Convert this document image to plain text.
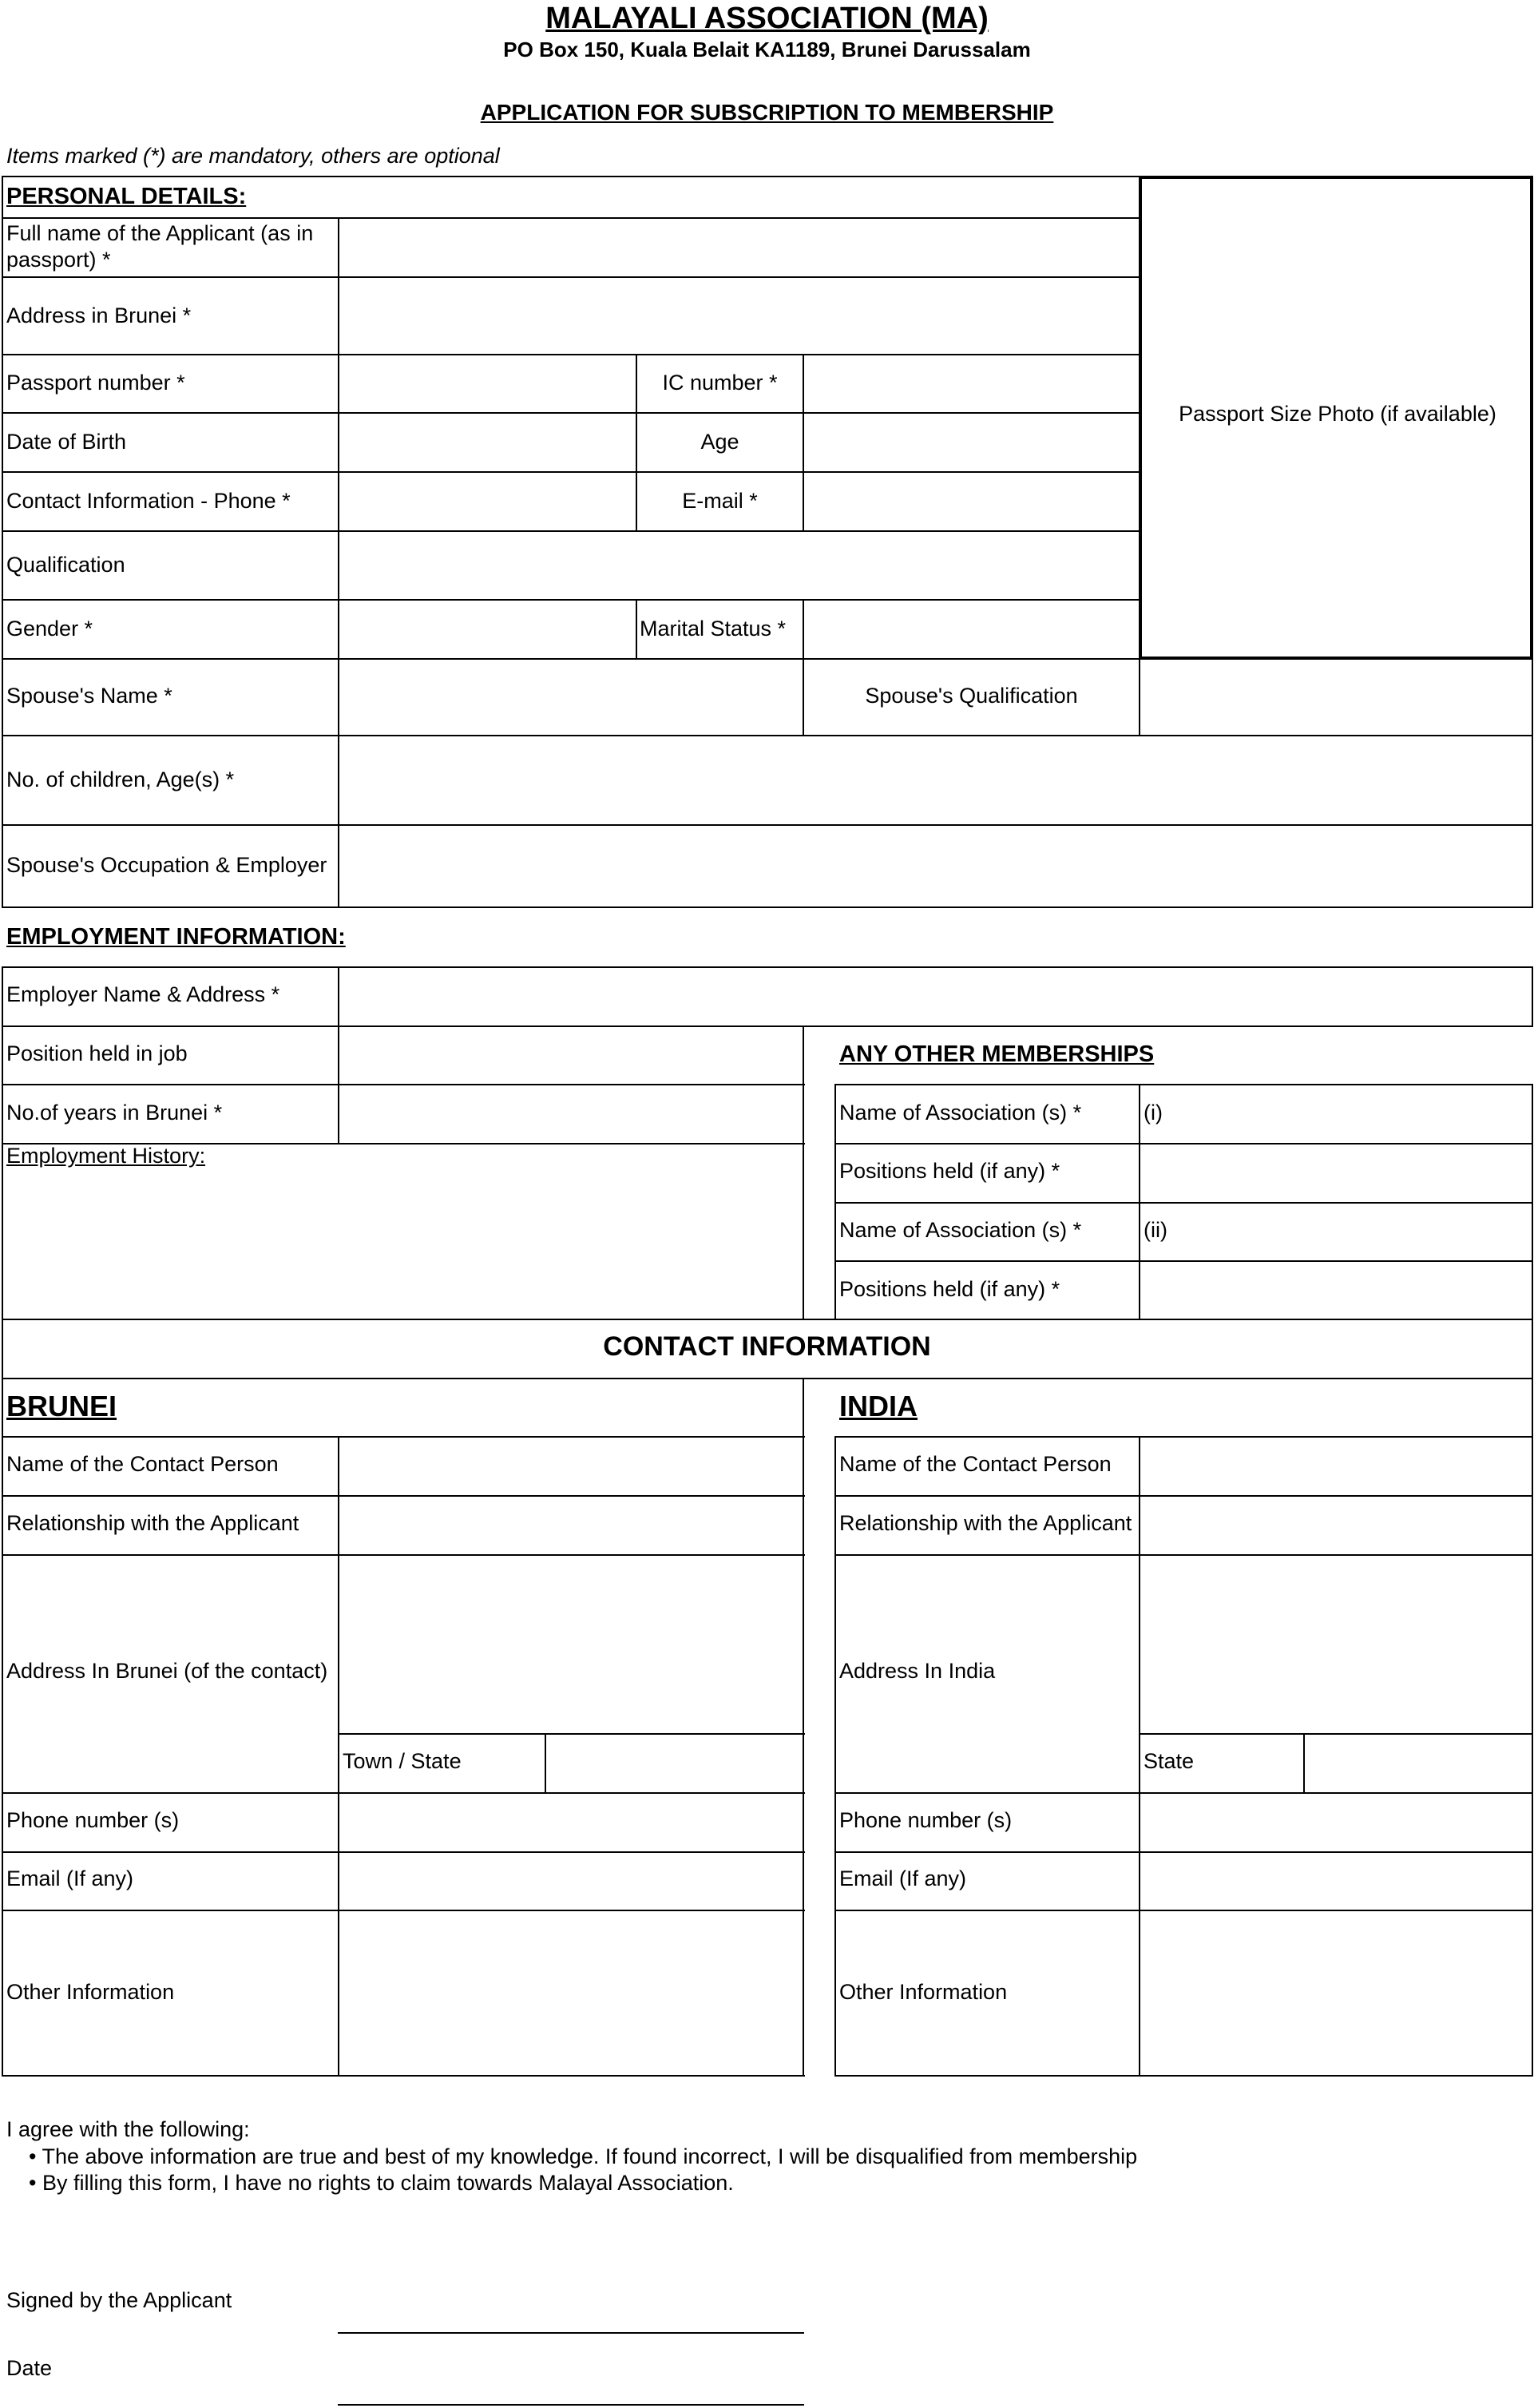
MALAYALI ASSOCIATION (MA)
PO Box 150, Kuala Belait KA1189, Brunei Darussalam
APPLICATION FOR SUBSCRIPTION TO MEMBERSHIP
Items marked (*) are mandatory, others are optional
Passport Size Photo (if available)
PERSONAL DETAILS:
Full name of the Applicant (as in
passport) *
Address in Brunei *
Passport number *	IC number *
Date of Birth	Age
Contact Information - Phone *	E-mail *
Qualification
Gender *	Marital Status *
Spouse's Name *	Spouse's Qualification
No. of children, Age(s) *
Spouse's Occupation & Employer
EMPLOYMENT INFORMATION:
Employer Name & Address *
Position held in job
No.of years in Brunei *
Employment History:
ANY OTHER MEMBERSHIPS
Name of Association (s) *	(i)
Positions held (if any) *
Name of Association (s) *	(ii)
Positions held (if any) *
CONTACT INFORMATION
BRUNEI
Name of the Contact Person
Relationship with the Applicant
Address In Brunei (of the contact)
Town / State
Phone number (s)
Email (If any)
Other Information
INDIA
Name of the Contact Person
Relationship with the Applicant
Address In India
State
Phone number (s)
Email (If any)
Other Information
I agree with the following:
• The above information are true and best of my knowledge. If found incorrect, I will be disqualified from membership
• By filling this form, I have no rights to claim towards Malayal Association.
Signed by the Applicant
Date
